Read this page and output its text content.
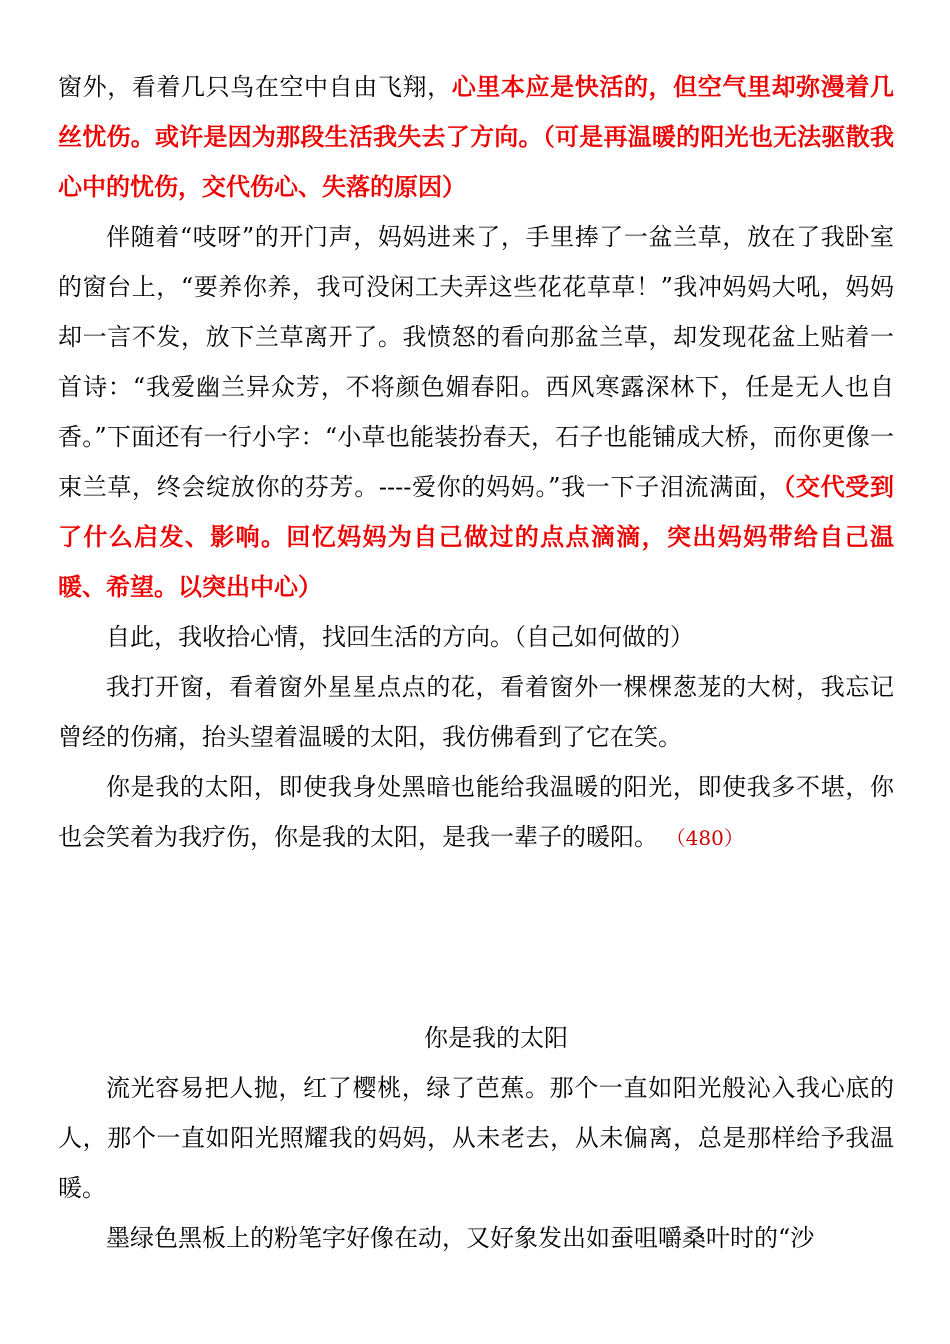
窗外，看着几只鸟在空中自由飞翔，心里本应是快活的，但空气里却弥漫着几丝忧伤。或许是因为那段生活我失去了方向。（可是再温暖的阳光也无法驱散我心中的忧伤，交代伤心、失落的原因）

伴随着“吱呀”的开门声，妈妈进来了，手里捧了一盆兰草，放在了我卧室的窗台上，“要养你养，我可没闲工夫弄这些花花草草！”我冲妈妈大吼，妈妈却一言不发，放下兰草离开了。我愤怒的看向那盆兰草，却发现花盆上贴着一首诗：“我爱幽兰异众芳，不将颜色媚春阳。西风寒露深林下，任是无人也自香。”下面还有一行小字：“小草也能装扮春天，石子也能铺成大桥，而你更像一束兰草，终会绽放你的芬芳。----爱你的妈妈。”我一下子泪流满面，（交代受到了什么启发、影响。回忆妈妈为自己做过的点点滴滴，突出妈妈带给自己温暖、希望。以突出中心）

自此，我收拾心情，找回生活的方向。（自己如何做的）

我打开窗，看着窗外星星点点的花，看着窗外一棵棵葱茏的大树，我忘记曾经的伤痛，抬头望着温暖的太阳，我仿佛看到了它在笑。

你是我的太阳，即使我身处黑暗也能给我温暖的阳光，即使我多不堪，你也会笑着为我疗伤，你是我的太阳，是我一辈子的暖阳。 （480）

你是我的太阳

流光容易把人抛，红了樱桃，绿了芭蕉。那个一直如阳光般沁入我心底的人，那个一直如阳光照耀我的妈妈，从未老去，从未偏离，总是那样给予我温暖。

墨绿色黑板上的粉笔字好像在动，又好象发出如蚕咀嚼桑叶时的“沙
